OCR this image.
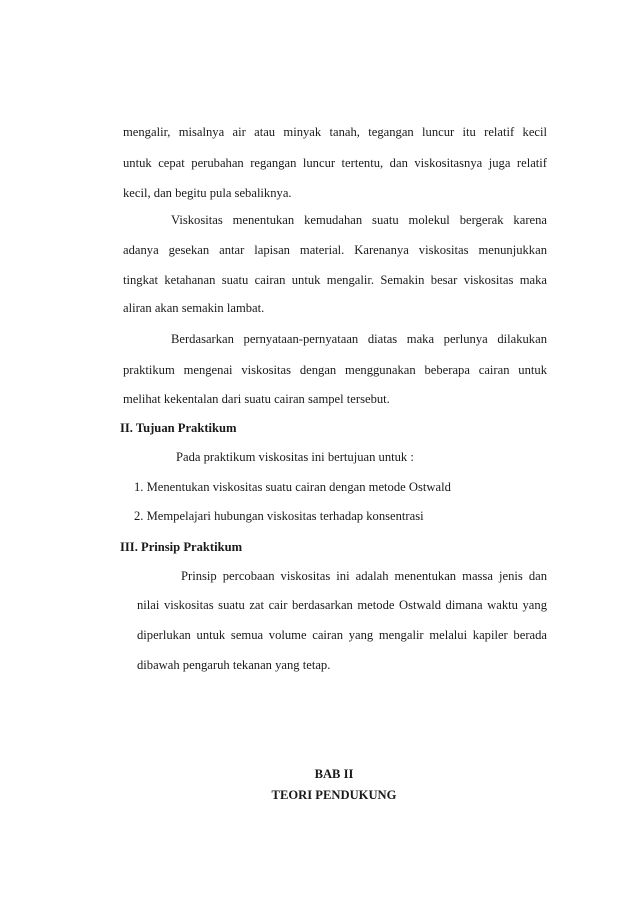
mengalir, misalnya air atau minyak tanah, tegangan luncur itu relatif kecil
untuk cepat perubahan regangan luncur tertentu, dan viskositasnya juga relatif
kecil, dan begitu pula sebaliknya.
Viskositas menentukan kemudahan suatu molekul bergerak karena
adanya gesekan antar lapisan material. Karenanya viskositas menunjukkan
tingkat ketahanan suatu cairan untuk mengalir. Semakin besar viskositas maka
aliran akan semakin lambat.
Berdasarkan pernyataan-pernyataan diatas maka perlunya dilakukan
praktikum mengenai viskositas dengan menggunakan beberapa cairan untuk
melihat kekentalan dari suatu cairan sampel tersebut.
II. Tujuan Praktikum
Pada praktikum viskositas ini bertujuan untuk :
1. Menentukan viskositas suatu cairan dengan metode Ostwald
2. Mempelajari hubungan viskositas terhadap konsentrasi
III. Prinsip Praktikum
Prinsip percobaan viskositas ini adalah menentukan massa jenis dan
nilai viskositas suatu zat cair berdasarkan metode Ostwald dimana waktu yang
diperlukan untuk semua volume cairan yang mengalir melalui kapiler berada
dibawah pengaruh tekanan yang tetap.
BAB II
TEORI PENDUKUNG
